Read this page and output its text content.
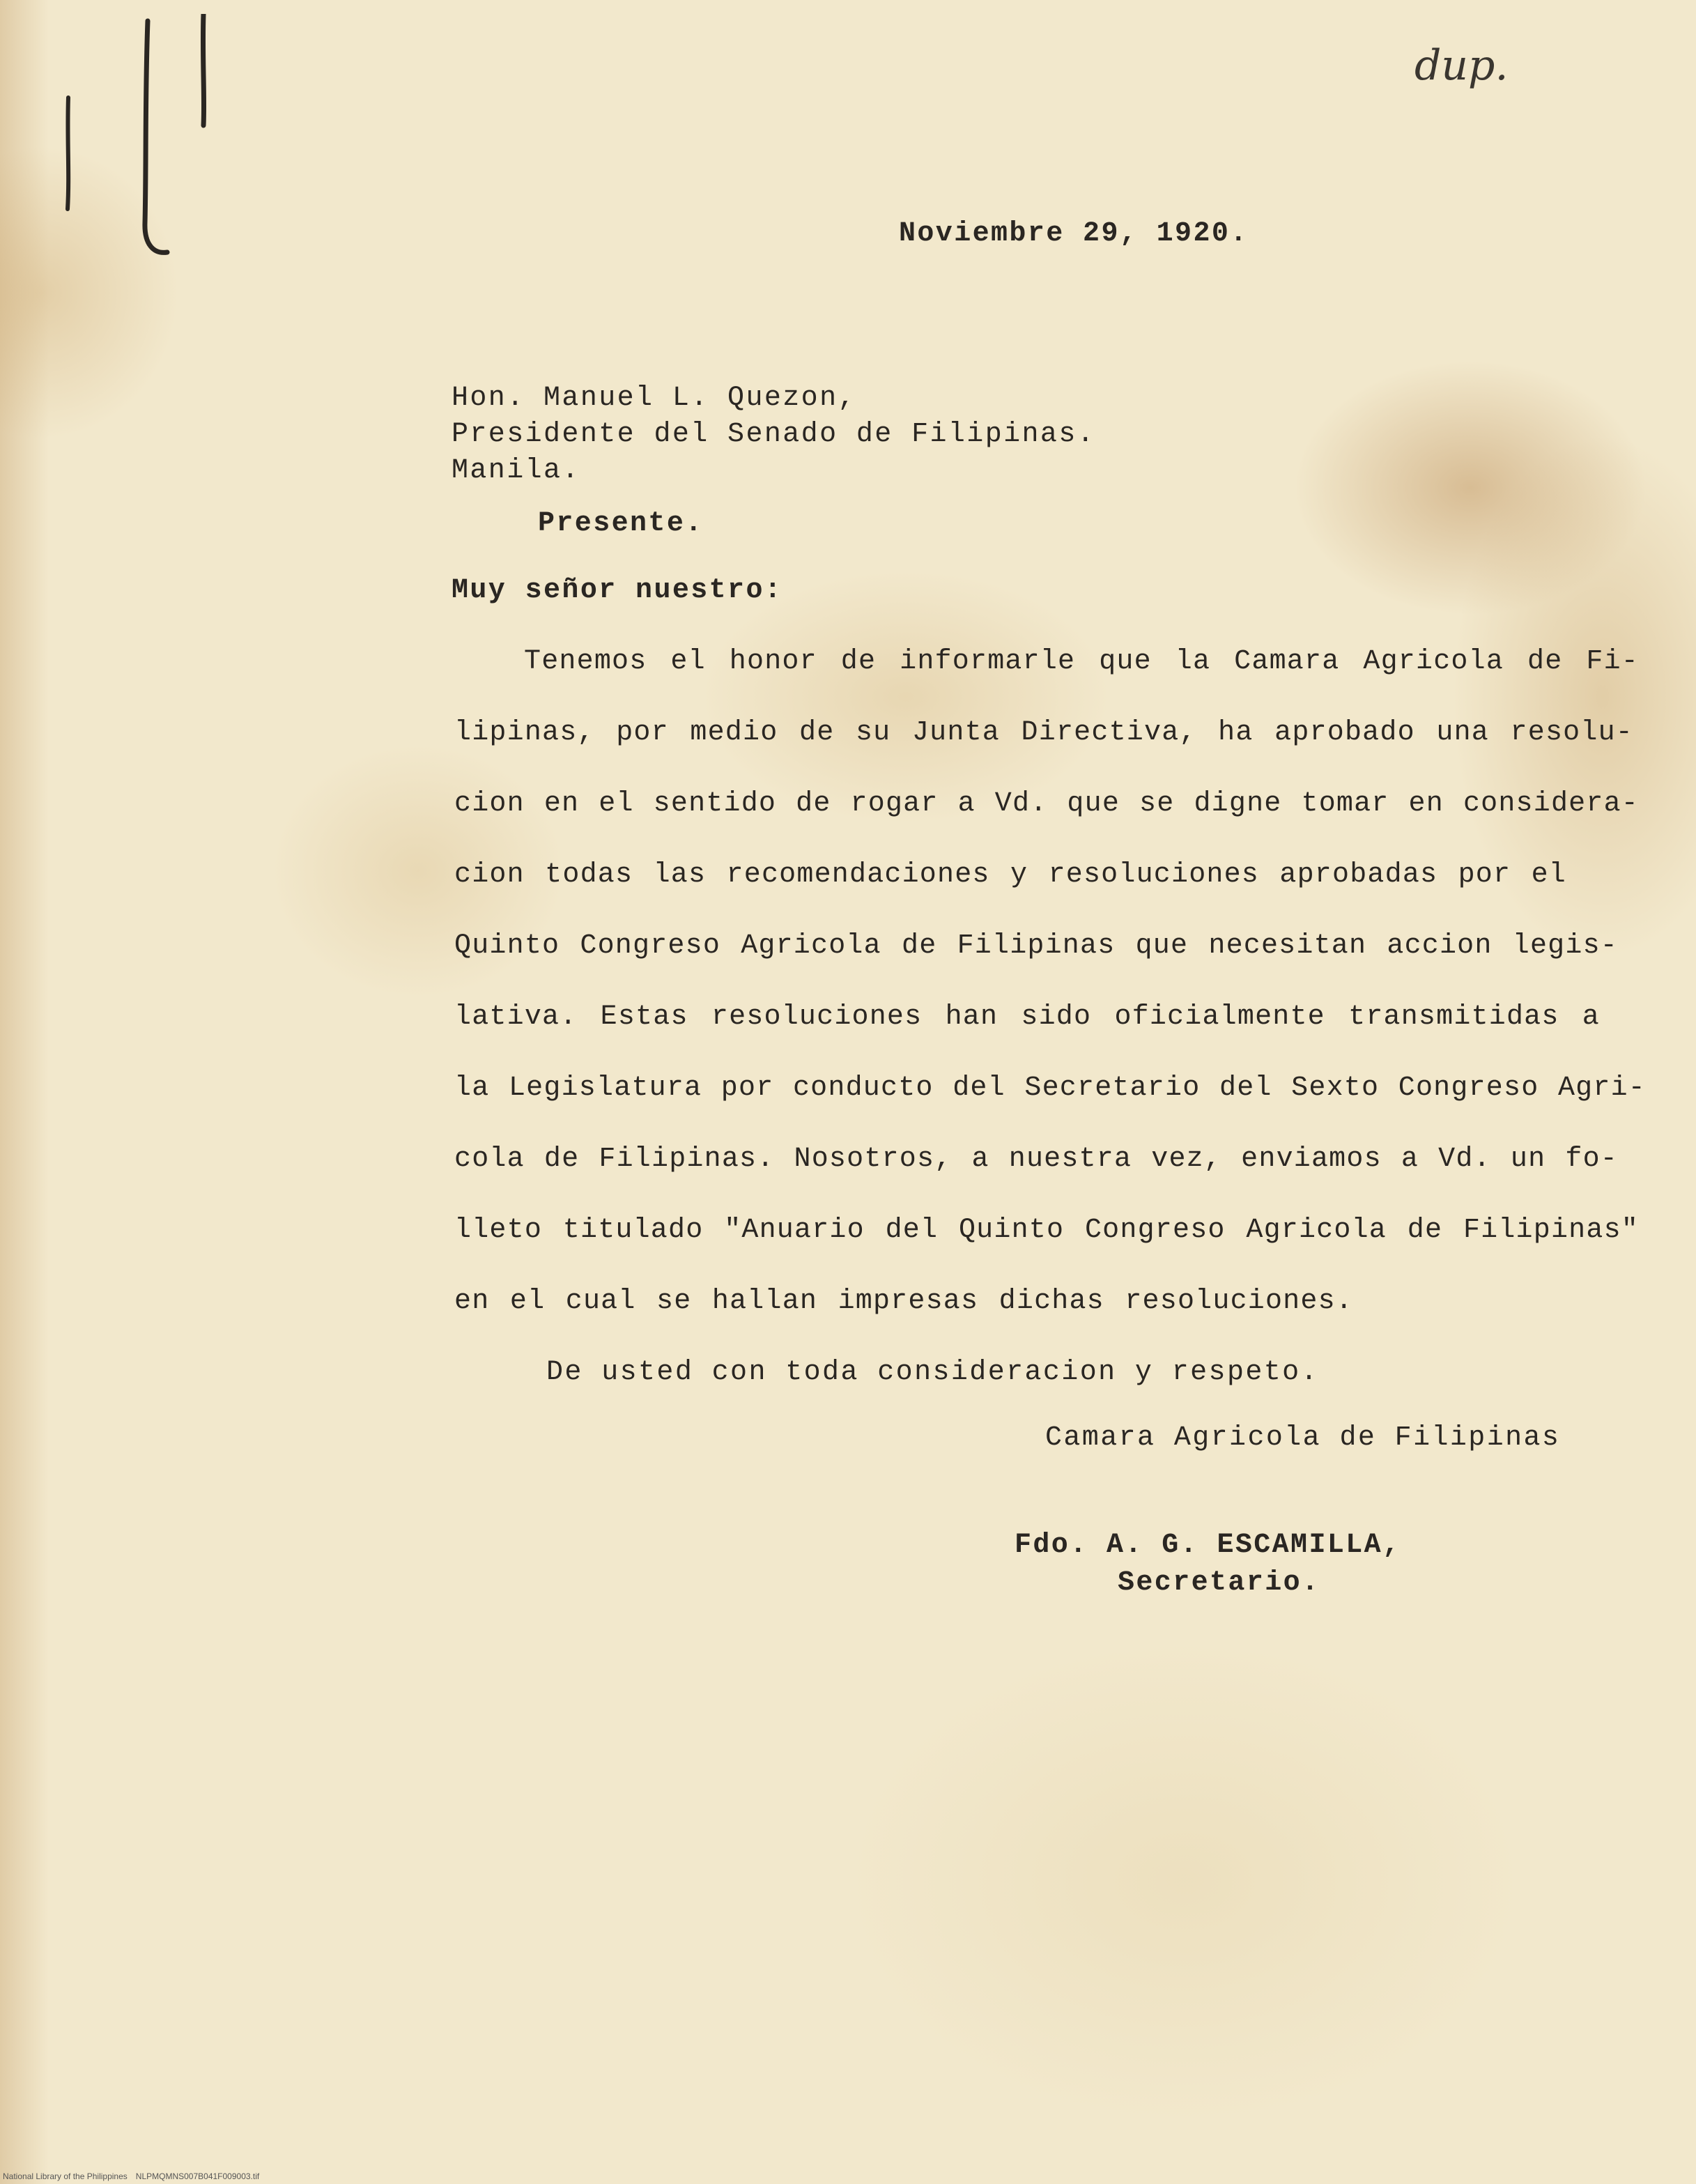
dup.
Noviembre 29, 1920.
Hon. Manuel L. Quezon,
Presidente del Senado de Filipinas.
Manila.
Presente.
Muy señor nuestro:
Tenemos el honor de informarle que la Camara Agricola de Fi-
lipinas, por medio de su Junta Directiva, ha aprobado una resolu-
cion en el sentido de rogar a Vd. que se digne tomar en considera-
cion todas las recomendaciones y resoluciones aprobadas por el
Quinto Congreso Agricola de Filipinas que necesitan accion legis-
lativa. Estas resoluciones han sido oficialmente transmitidas a
la Legislatura por conducto del Secretario del Sexto Congreso Agri-
cola de Filipinas. Nosotros, a nuestra vez, enviamos a Vd. un fo-
lleto titulado "Anuario del Quinto Congreso Agricola de Filipinas"
en el cual se hallan impresas dichas resoluciones.
De usted con toda consideracion y respeto.
Camara Agricola de Filipinas
Fdo. A. G. ESCAMILLA,
Secretario.
National Library of the Philippines NLPMQMNS007B041F009003.tif
